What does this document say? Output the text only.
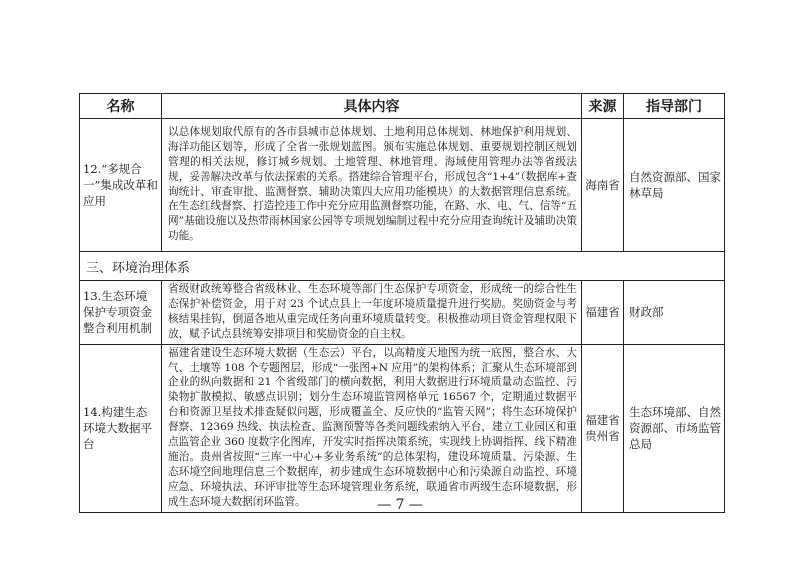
名称	具体内容	来源	指导部门
12.“多规合一”集成改革和应用	以总体规划取代原有的各市县城市总体规划、土地利用总体规划、林地保护利用规划、海洋功能区划等，形成了全省一张规划蓝图。颁布实施总体规划、重要规划控制区规划管理的相关法规，修订城乡规划、土地管理、林地管理、海域使用管理办法等省级法规，妥善解决改革与依法探索的关系。搭建综合管理平台，形成包含“1+4”（数据库+查询统计、审查审批、监测督察、辅助决策四大应用功能模块）的大数据管理信息系统。在生态红线督察、打造控违工作中充分应用监测督察功能，在路、水、电、气、信等“五网”基础设施以及热带雨林国家公园等专项规划编制过程中充分应用查询统计及辅助决策功能。	海南省	自然资源部、国家林草局
三、环境治理体系			
13.生态环境保护专项资金整合利用机制	省级财政统筹整合省级林业、生态环境等部门生态保护专项资金，形成统一的综合性生态保护补偿资金，用于对 23 个试点县上一年度环境质量提升进行奖励。奖励资金与考核结果挂钩，倒逼各地从重完成任务向重环境质量转变。积极推动项目资金管理权限下放，赋予试点县统筹安排项目和奖励资金的自主权。	福建省	财政部
14.构建生态环境大数据平台	福建省建设生态环境大数据（生态云）平台，以高精度天地图为统一底图，整合水、大气、土壤等 108 个专题图层，形成“一张图+N 应用”的架构体系；汇聚从生态环境部到企业的纵向数据和 21 个省级部门的横向数据，利用大数据进行环境质量动态监控、污染物扩散模拟、敏感点识别；划分生态环境监管网格单元 16567 个，定期通过数据平台和资源卫星技术排查疑似问题，形成覆盖全、反应快的“监管天网”；将生态环境保护督察、12369 热线、执法检查、监测预警等各类问题线索纳入平台，建立工业园区和重点监管企业 360 度数字化图库，开发实时指挥决策系统，实现线上协调指挥、线下精准施治。贵州省按照“三库一中心+多业务系统”的总体架构，建设环境质量、污染源、生态环境空间地理信息三个数据库，初步建成生态环境数据中心和污染源自动监控、环境应急、环境执法、环评审批等生态环境管理业务系统，联通省市两级生态环境数据，形成生态环境大数据闭环监管。	福建省贵州省	生态环境部、自然资源部、市场监管总局
— 7 —
